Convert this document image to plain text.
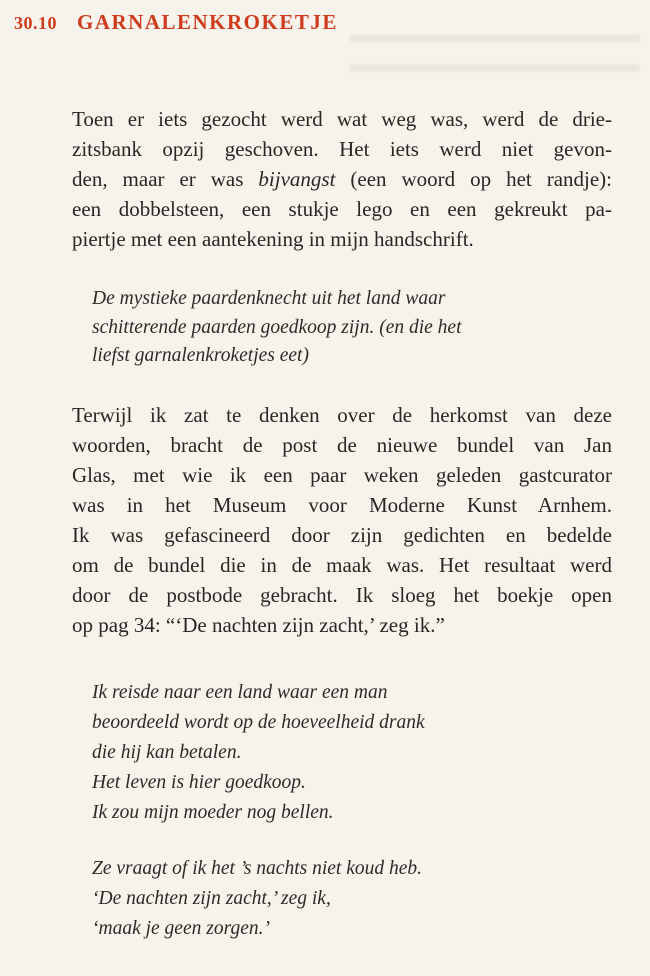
30.10 GARNALENKROKETJE
Toen er iets gezocht werd wat weg was, werd de drie-
zitsbank opzij geschoven. Het iets werd niet gevon-
den, maar er was bijvangst (een woord op het randje):
een dobbelsteen, een stukje lego en een gekreukt pa-
piertje met een aantekening in mijn handschrift.
De mystieke paardenknecht uit het land waar
schitterende paarden goedkoop zijn. (en die het
liefst garnalenkroketjes eet)
Terwijl ik zat te denken over de herkomst van deze
woorden, bracht de post de nieuwe bundel van Jan
Glas, met wie ik een paar weken geleden gastcurator
was in het Museum voor Moderne Kunst Arnhem.
Ik was gefascineerd door zijn gedichten en bedelde
om de bundel die in de maak was. Het resultaat werd
door de postbode gebracht. Ik sloeg het boekje open
op pag 34: “‘De nachten zijn zacht,’ zeg ik.”
Ik reisde naar een land waar een man
beoordeeld wordt op de hoeveelheid drank
die hij kan betalen.
Het leven is hier goedkoop.
Ik zou mijn moeder nog bellen.
Ze vraagt of ik het ’s nachts niet koud heb.
‘De nachten zijn zacht,’ zeg ik,
‘maak je geen zorgen.’
